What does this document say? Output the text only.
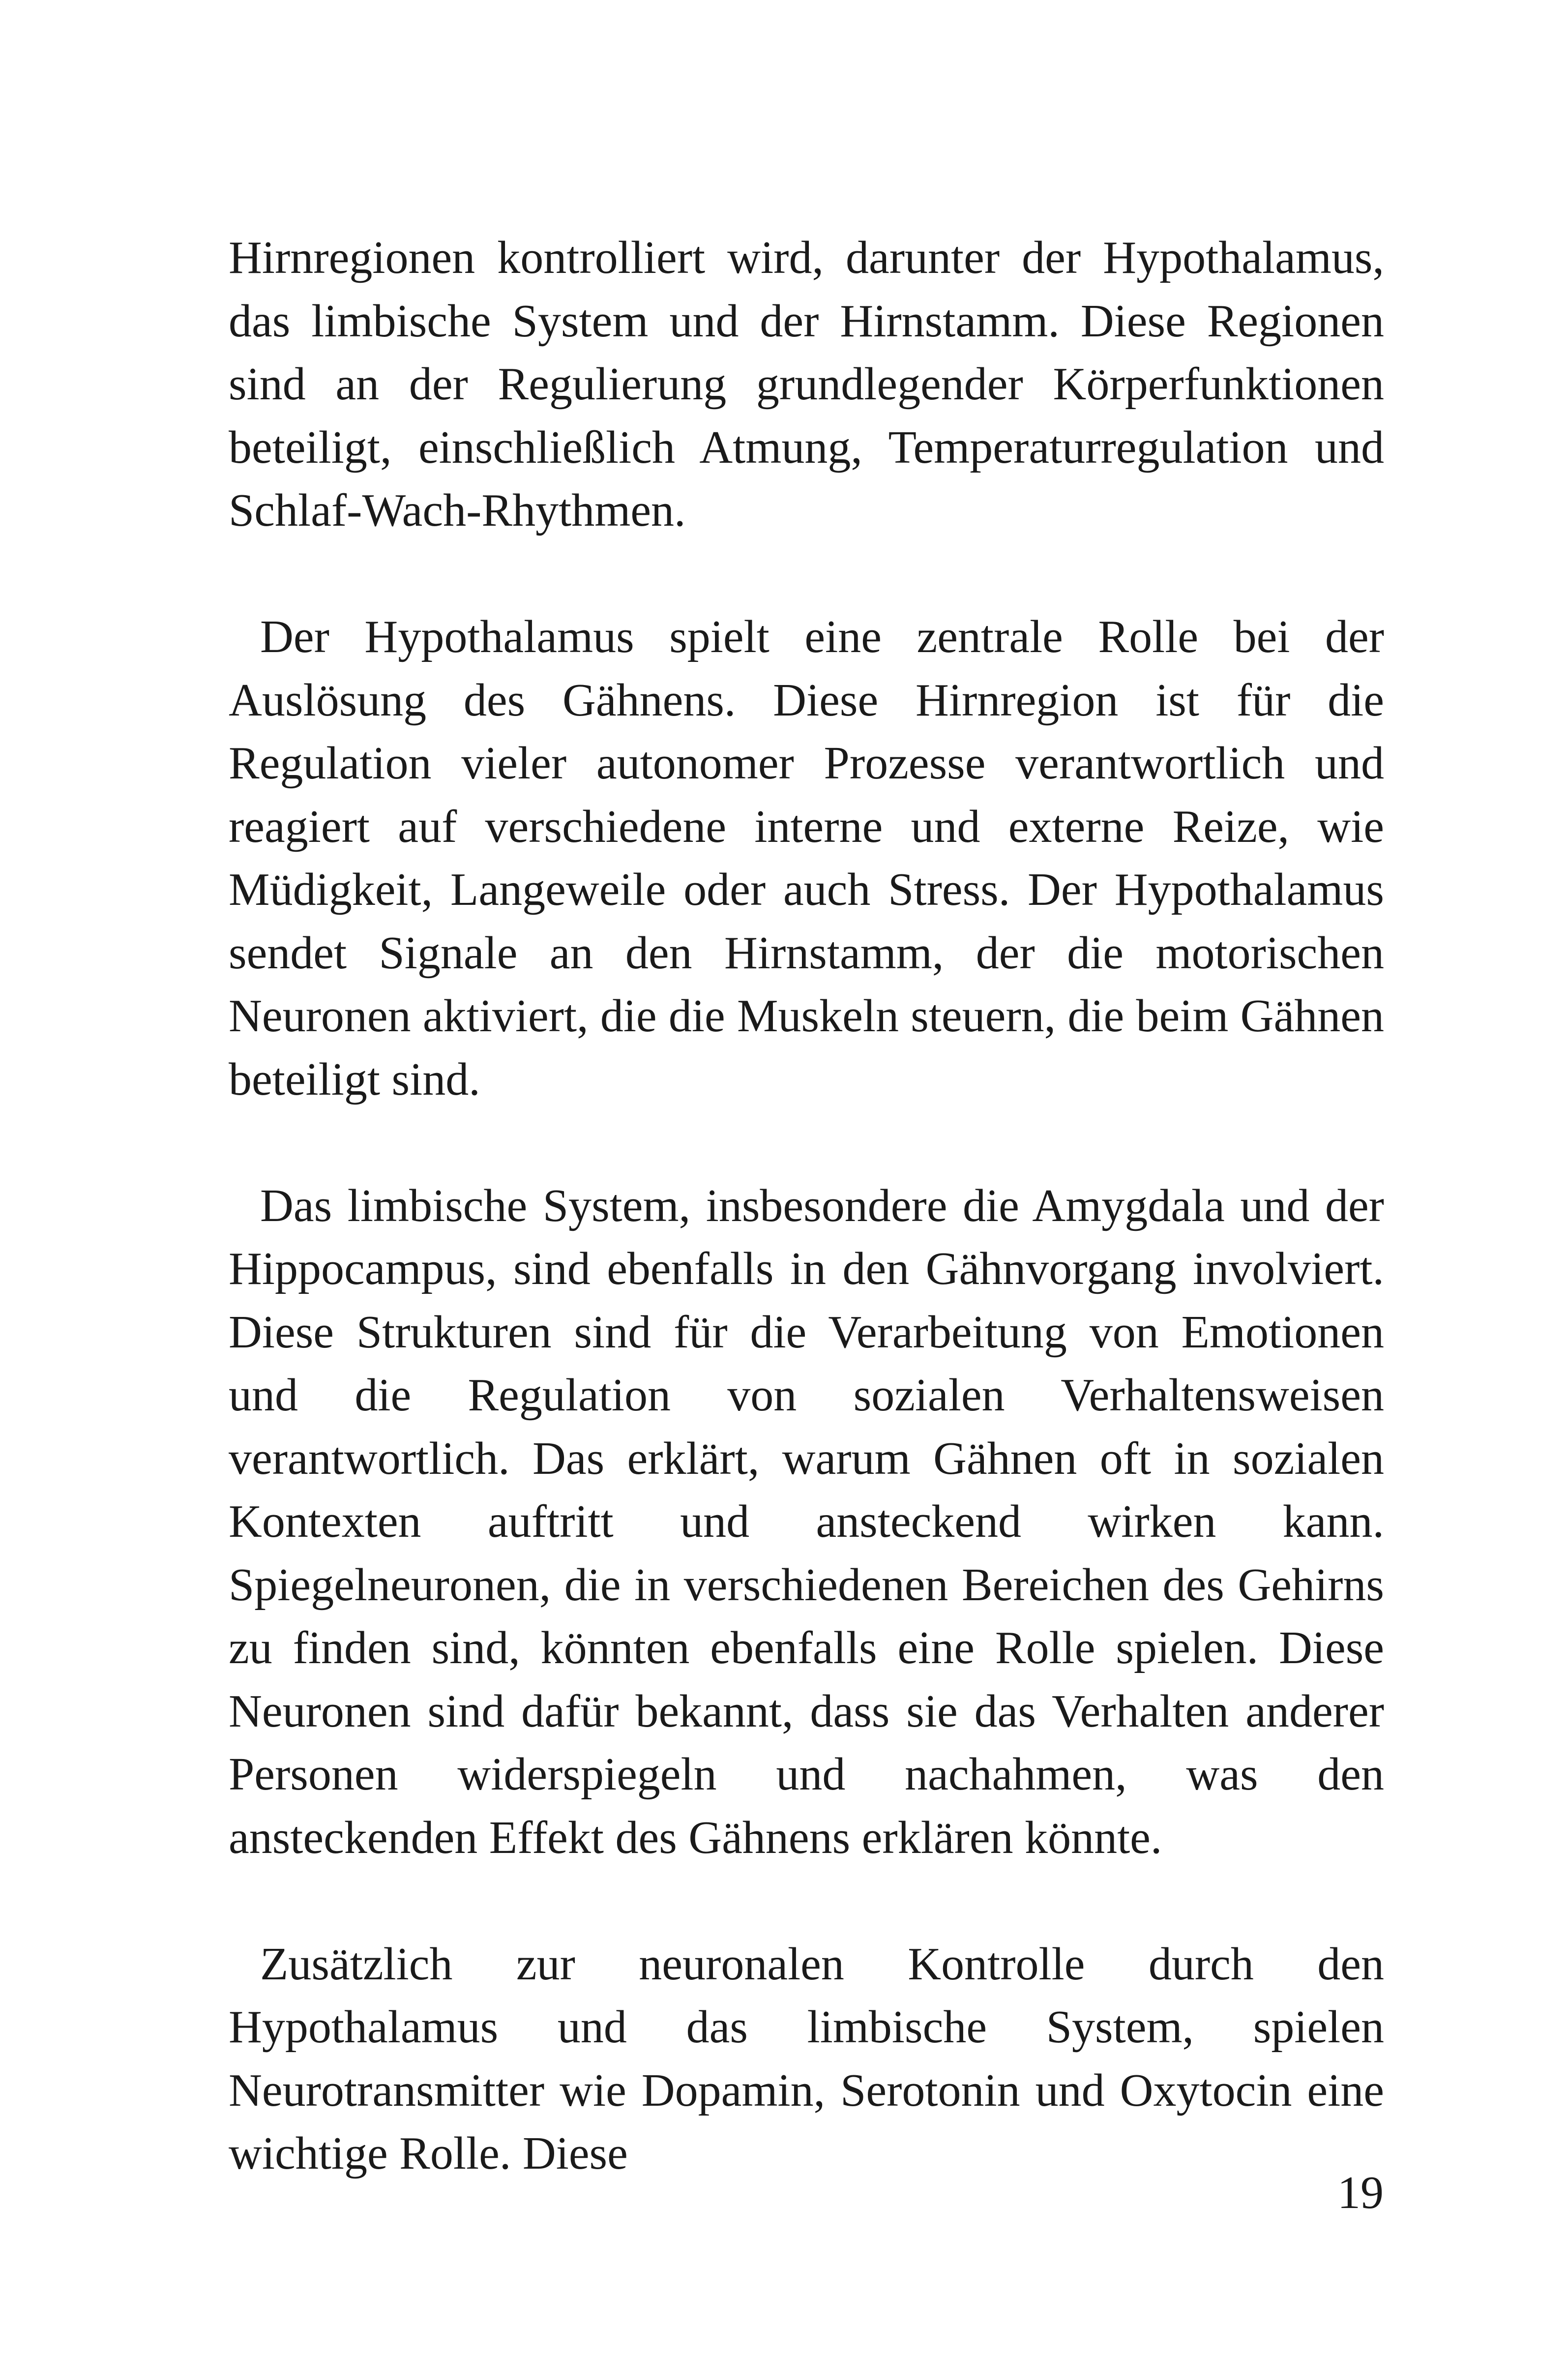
Hirnregionen kontrolliert wird, darunter der Hypothalamus, das limbische System und der Hirnstamm. Diese Regionen sind an der Regulierung grundlegender Körperfunktionen beteiligt, einschließlich Atmung, Temperaturregulation und Schlaf-Wach-Rhythmen.

Der Hypothalamus spielt eine zentrale Rolle bei der Auslösung des Gähnens. Diese Hirnregion ist für die Regulation vieler autonomer Prozesse verantwortlich und reagiert auf verschiedene interne und externe Reize, wie Müdigkeit, Langeweile oder auch Stress. Der Hypothalamus sendet Signale an den Hirnstamm, der die motorischen Neuronen aktiviert, die die Muskeln steuern, die beim Gähnen beteiligt sind.

Das limbische System, insbesondere die Amygdala und der Hippocampus, sind ebenfalls in den Gähnvorgang involviert. Diese Strukturen sind für die Verarbeitung von Emotionen und die Regulation von sozialen Verhaltensweisen verantwortlich. Das erklärt, warum Gähnen oft in sozialen Kontexten auftritt und ansteckend wirken kann. Spiegelneuronen, die in verschiedenen Bereichen des Gehirns zu finden sind, könnten ebenfalls eine Rolle spielen. Diese Neuronen sind dafür bekannt, dass sie das Verhalten anderer Personen widerspiegeln und nachahmen, was den ansteckenden Effekt des Gähnens erklären könnte.

Zusätzlich zur neuronalen Kontrolle durch den Hypothalamus und das limbische System, spielen Neurotransmitter wie Dopamin, Serotonin und Oxytocin eine wichtige Rolle. Diese

19
